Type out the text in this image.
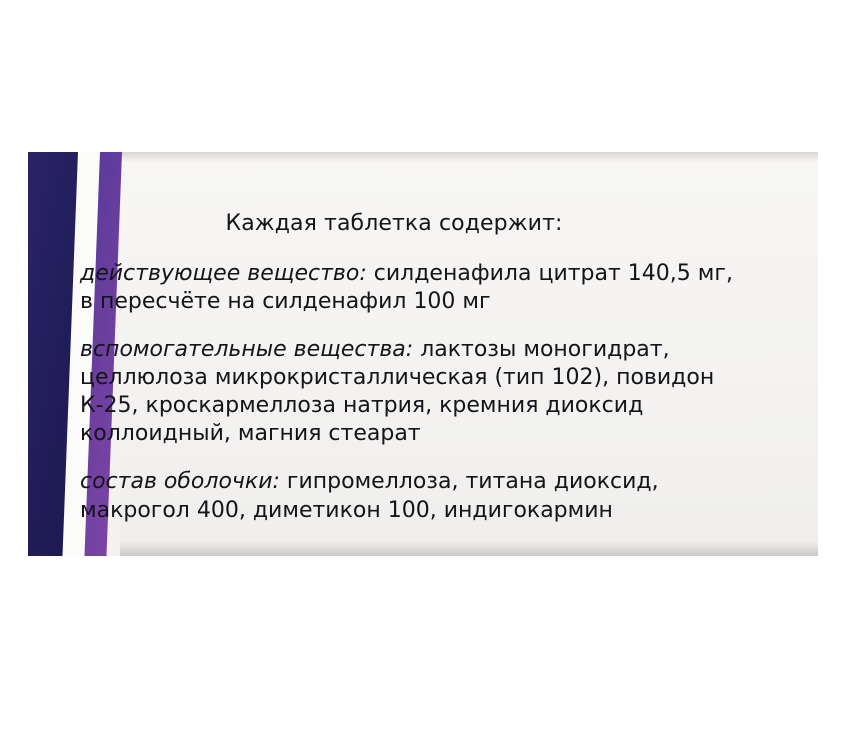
Каждая таблетка содержит:

действующее вещество: силденафила цитрат 140,5 мг, в пересчёте на силденафил 100 мг

вспомогательные вещества: лактозы моногидрат, целлюлоза микрокристаллическая (тип 102), повидон К-25, кроскармеллоза натрия, кремния диоксид коллоидный, магния стеарат

состав оболочки: гипромеллоза, титана диоксид, макрогол 400, диметикон 100, индигокармин
